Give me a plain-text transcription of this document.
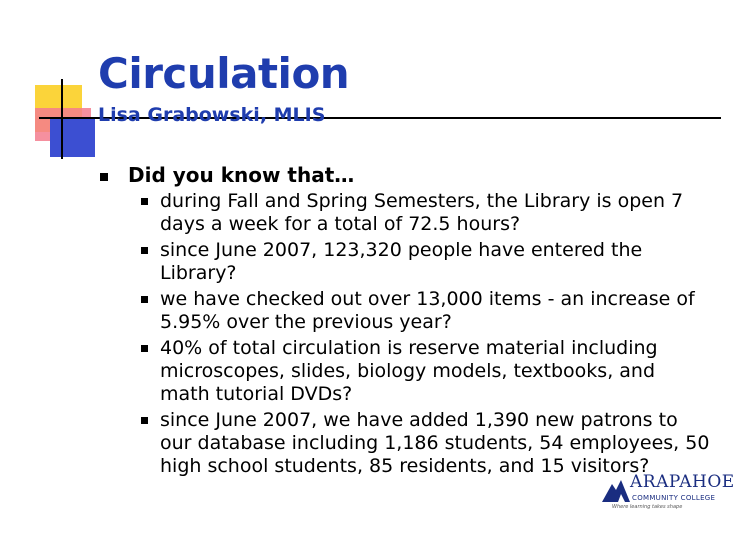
Circulation
Lisa Grabowski, MLIS
Did you know that…
during Fall and Spring Semesters, the Library is open 7 days a week for a total of 72.5 hours?
since June 2007, 123,320 people have entered the Library?
we have checked out over 13,000 items - an increase of 5.95% over the previous year?
40% of total circulation is reserve material including microscopes, slides, biology models, textbooks, and math tutorial DVDs?
since June 2007, we have added 1,390 new patrons to our database including 1,186 students, 54 employees, 50 high school students, 85 residents, and 15 visitors?
ARAPAHOE
COMMUNITY COLLEGE
Where learning takes shape
